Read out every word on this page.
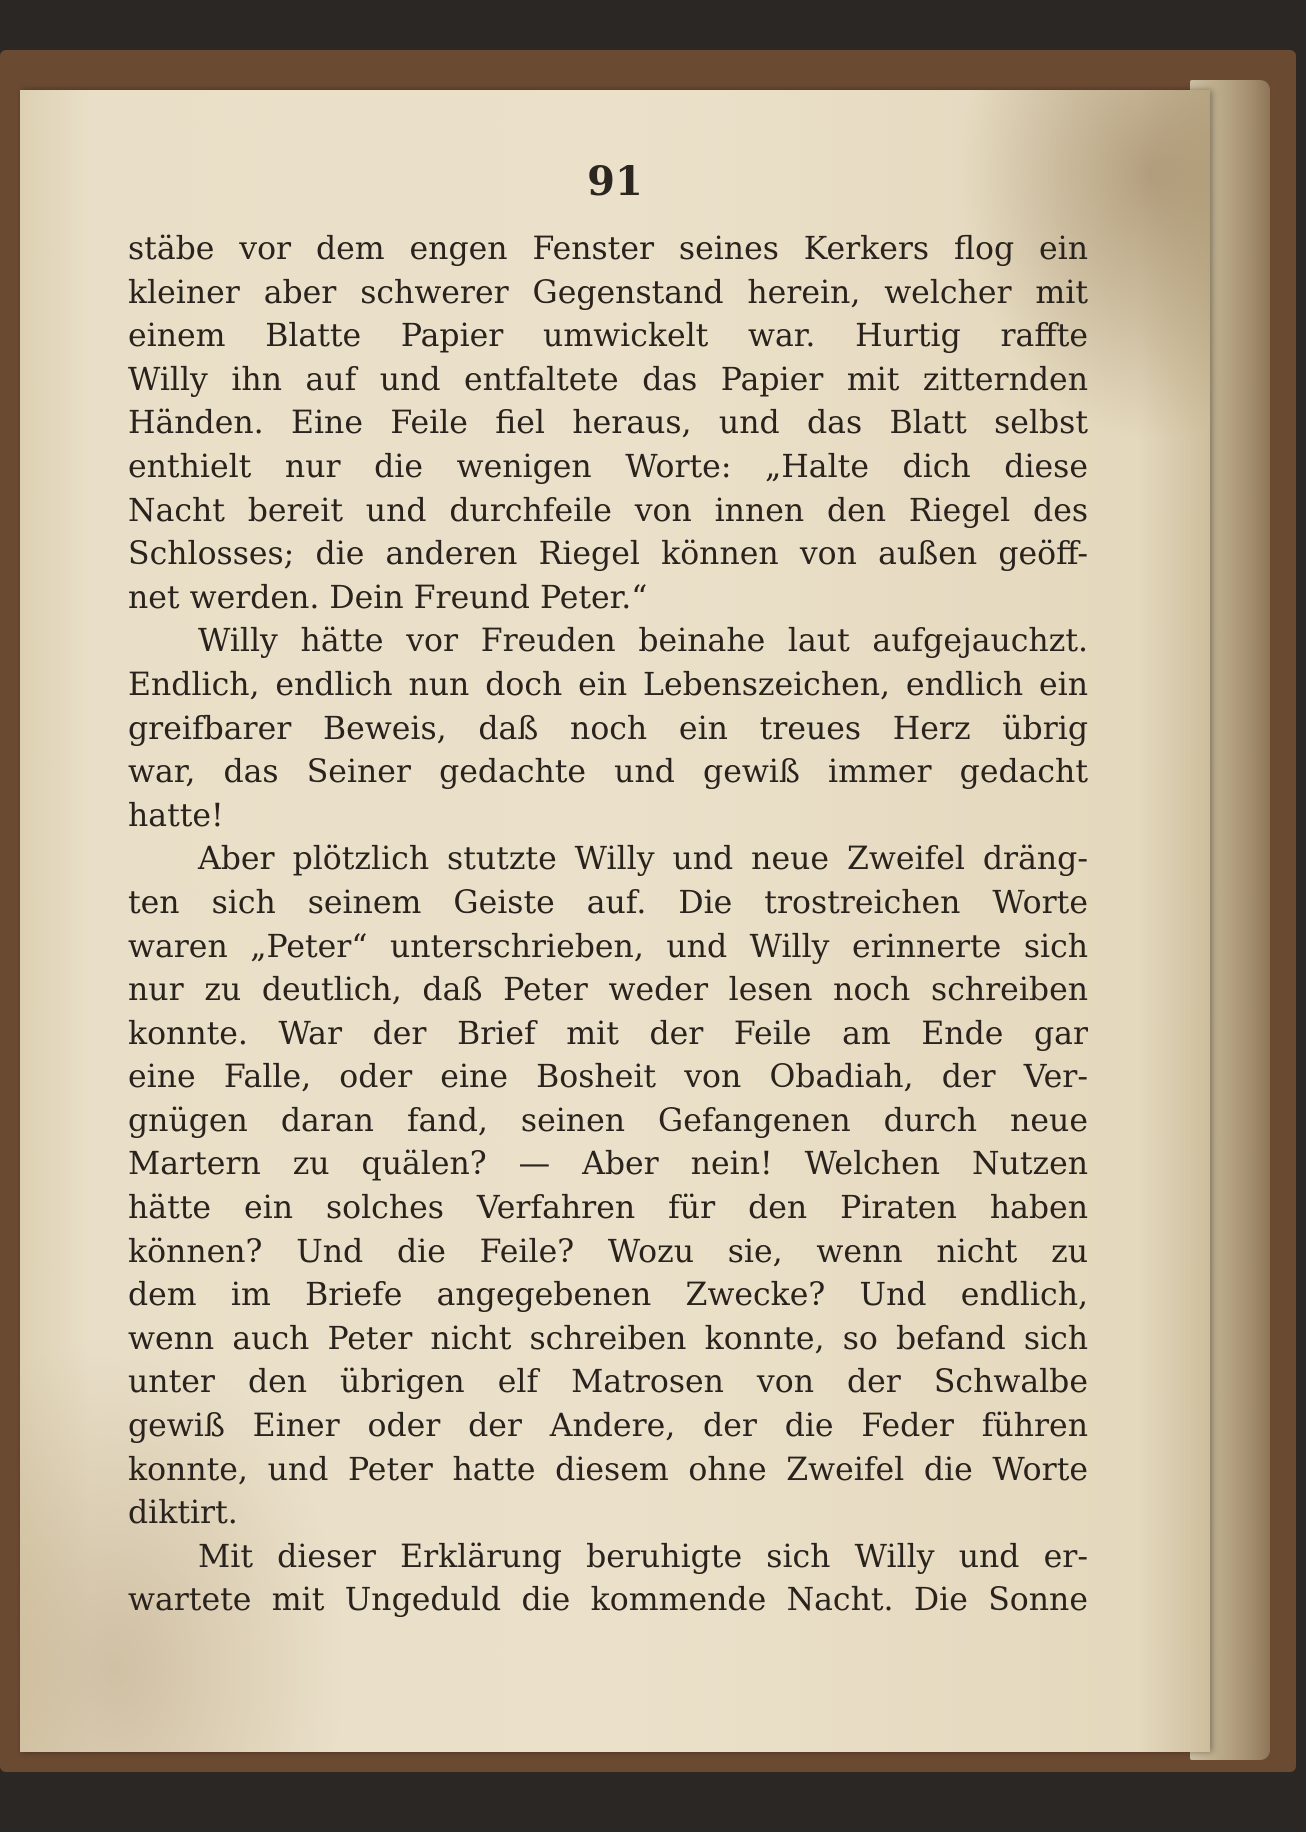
91
stäbe vor dem engen Fenster seines Kerkers flog ein
kleiner aber schwerer Gegenstand herein, welcher mit
einem Blatte Papier umwickelt war. Hurtig raffte
Willy ihn auf und entfaltete das Papier mit zitternden
Händen. Eine Feile fiel heraus, und das Blatt selbst
enthielt nur die wenigen Worte: „Halte dich diese
Nacht bereit und durchfeile von innen den Riegel des
Schlosses; die anderen Riegel können von außen geöff-
net werden. Dein Freund Peter.“
Willy hätte vor Freuden beinahe laut aufgejauchzt.
Endlich, endlich nun doch ein Lebenszeichen, endlich ein
greifbarer Beweis, daß noch ein treues Herz übrig
war, das Seiner gedachte und gewiß immer gedacht
hatte!
Aber plötzlich stutzte Willy und neue Zweifel dräng-
ten sich seinem Geiste auf. Die trostreichen Worte
waren „Peter“ unterschrieben, und Willy erinnerte sich
nur zu deutlich, daß Peter weder lesen noch schreiben
konnte. War der Brief mit der Feile am Ende gar
eine Falle, oder eine Bosheit von Obadiah, der Ver-
gnügen daran fand, seinen Gefangenen durch neue
Martern zu quälen? — Aber nein! Welchen Nutzen
hätte ein solches Verfahren für den Piraten haben
können? Und die Feile? Wozu sie, wenn nicht zu
dem im Briefe angegebenen Zwecke? Und endlich,
wenn auch Peter nicht schreiben konnte, so befand sich
unter den übrigen elf Matrosen von der Schwalbe
gewiß Einer oder der Andere, der die Feder führen
konnte, und Peter hatte diesem ohne Zweifel die Worte
diktirt.
Mit dieser Erklärung beruhigte sich Willy und er-
wartete mit Ungeduld die kommende Nacht. Die Sonne
